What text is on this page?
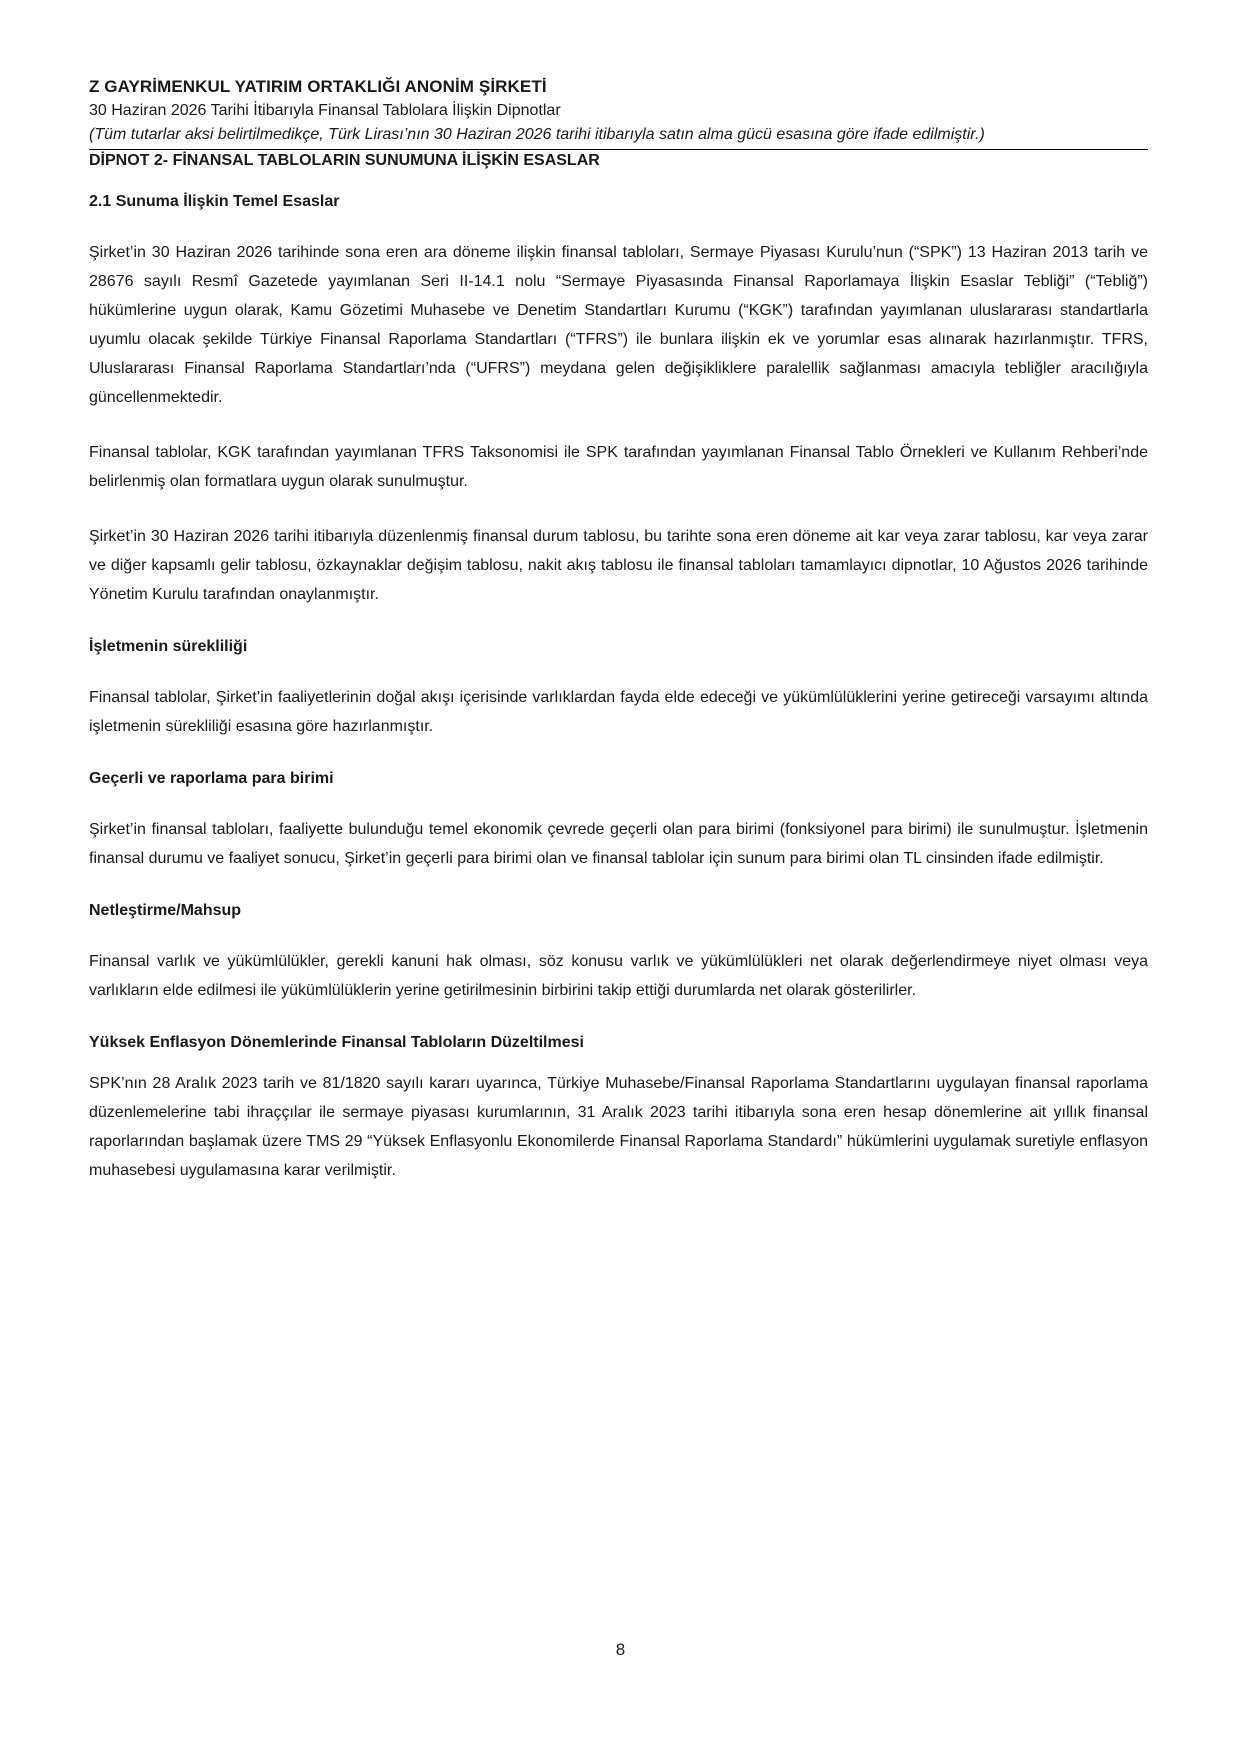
Z GAYRİMENKUL YATIRIM ORTAKLIĞI ANONİM ŞİRKETİ
30 Haziran 2026 Tarihi İtibarıyla Finansal Tablolara İlişkin Dipnotlar
(Tüm tutarlar aksi belirtilmedikçe, Türk Lirası’nın 30 Haziran 2026 tarihi itibarıyla satın alma gücü esasına göre ifade edilmiştir.)
DİPNOT 2- FİNANSAL TABLOLARIN SUNUMUNA İLİŞKİN ESASLAR
2.1 Sunuma İlişkin Temel Esaslar

Şirket’in 30 Haziran 2026 tarihinde sona eren ara döneme ilişkin finansal tabloları, Sermaye Piyasası Kurulu’nun (“SPK”) 13 Haziran 2013 tarih ve 28676 sayılı Resmî Gazetede yayımlanan Seri II-14.1 nolu “Sermaye Piyasasında Finansal Raporlamaya İlişkin Esaslar Tebliği” (“Tebliğ”) hükümlerine uygun olarak, Kamu Gözetimi Muhasebe ve Denetim Standartları Kurumu (“KGK”) tarafından yayımlanan uluslararası standartlarla uyumlu olacak şekilde Türkiye Finansal Raporlama Standartları (“TFRS”) ile bunlara ilişkin ek ve yorumlar esas alınarak hazırlanmıştır. TFRS, Uluslararası Finansal Raporlama Standartları’nda (“UFRS”) meydana gelen değişikliklere paralellik sağlanması amacıyla tebliğler aracılığıyla güncellenmektedir.

Finansal tablolar, KGK tarafından yayımlanan TFRS Taksonomisi ile SPK tarafından yayımlanan Finansal Tablo Örnekleri ve Kullanım Rehberi’nde belirlenmiş olan formatlara uygun olarak sunulmuştur.

Şirket’in 30 Haziran 2026 tarihi itibarıyla düzenlenmiş finansal durum tablosu, bu tarihte sona eren döneme ait kar veya zarar tablosu, kar veya zarar ve diğer kapsamlı gelir tablosu, özkaynaklar değişim tablosu, nakit akış tablosu ile finansal tabloları tamamlayıcı dipnotlar, 10 Ağustos 2026 tarihinde Yönetim Kurulu tarafından onaylanmıştır.

İşletmenin sürekliliği

Finansal tablolar, Şirket’in faaliyetlerinin doğal akışı içerisinde varlıklardan fayda elde edeceği ve yükümlülüklerini yerine getireceği varsayımı altında işletmenin sürekliliği esasına göre hazırlanmıştır.

Geçerli ve raporlama para birimi

Şirket’in finansal tabloları, faaliyette bulunduğu temel ekonomik çevrede geçerli olan para birimi (fonksiyonel para birimi) ile sunulmuştur. İşletmenin finansal durumu ve faaliyet sonucu, Şirket’in geçerli para birimi olan ve finansal tablolar için sunum para birimi olan TL cinsinden ifade edilmiştir.

Netleştirme/Mahsup

Finansal varlık ve yükümlülükler, gerekli kanuni hak olması, söz konusu varlık ve yükümlülükleri net olarak değerlendirmeye niyet olması veya varlıkların elde edilmesi ile yükümlülüklerin yerine getirilmesinin birbirini takip ettiği durumlarda net olarak gösterilirler.

Yüksek Enflasyon Dönemlerinde Finansal Tabloların Düzeltilmesi

SPK’nın 28 Aralık 2023 tarih ve 81/1820 sayılı kararı uyarınca, Türkiye Muhasebe/Finansal Raporlama Standartlarını uygulayan finansal raporlama düzenlemelerine tabi ihraççılar ile sermaye piyasası kurumlarının, 31 Aralık 2023 tarihi itibarıyla sona eren hesap dönemlerine ait yıllık finansal raporlarından başlamak üzere TMS 29 “Yüksek Enflasyonlu Ekonomilerde Finansal Raporlama Standardı” hükümlerini uygulamak suretiyle enflasyon muhasebesi uygulamasına karar verilmiştir.

8
